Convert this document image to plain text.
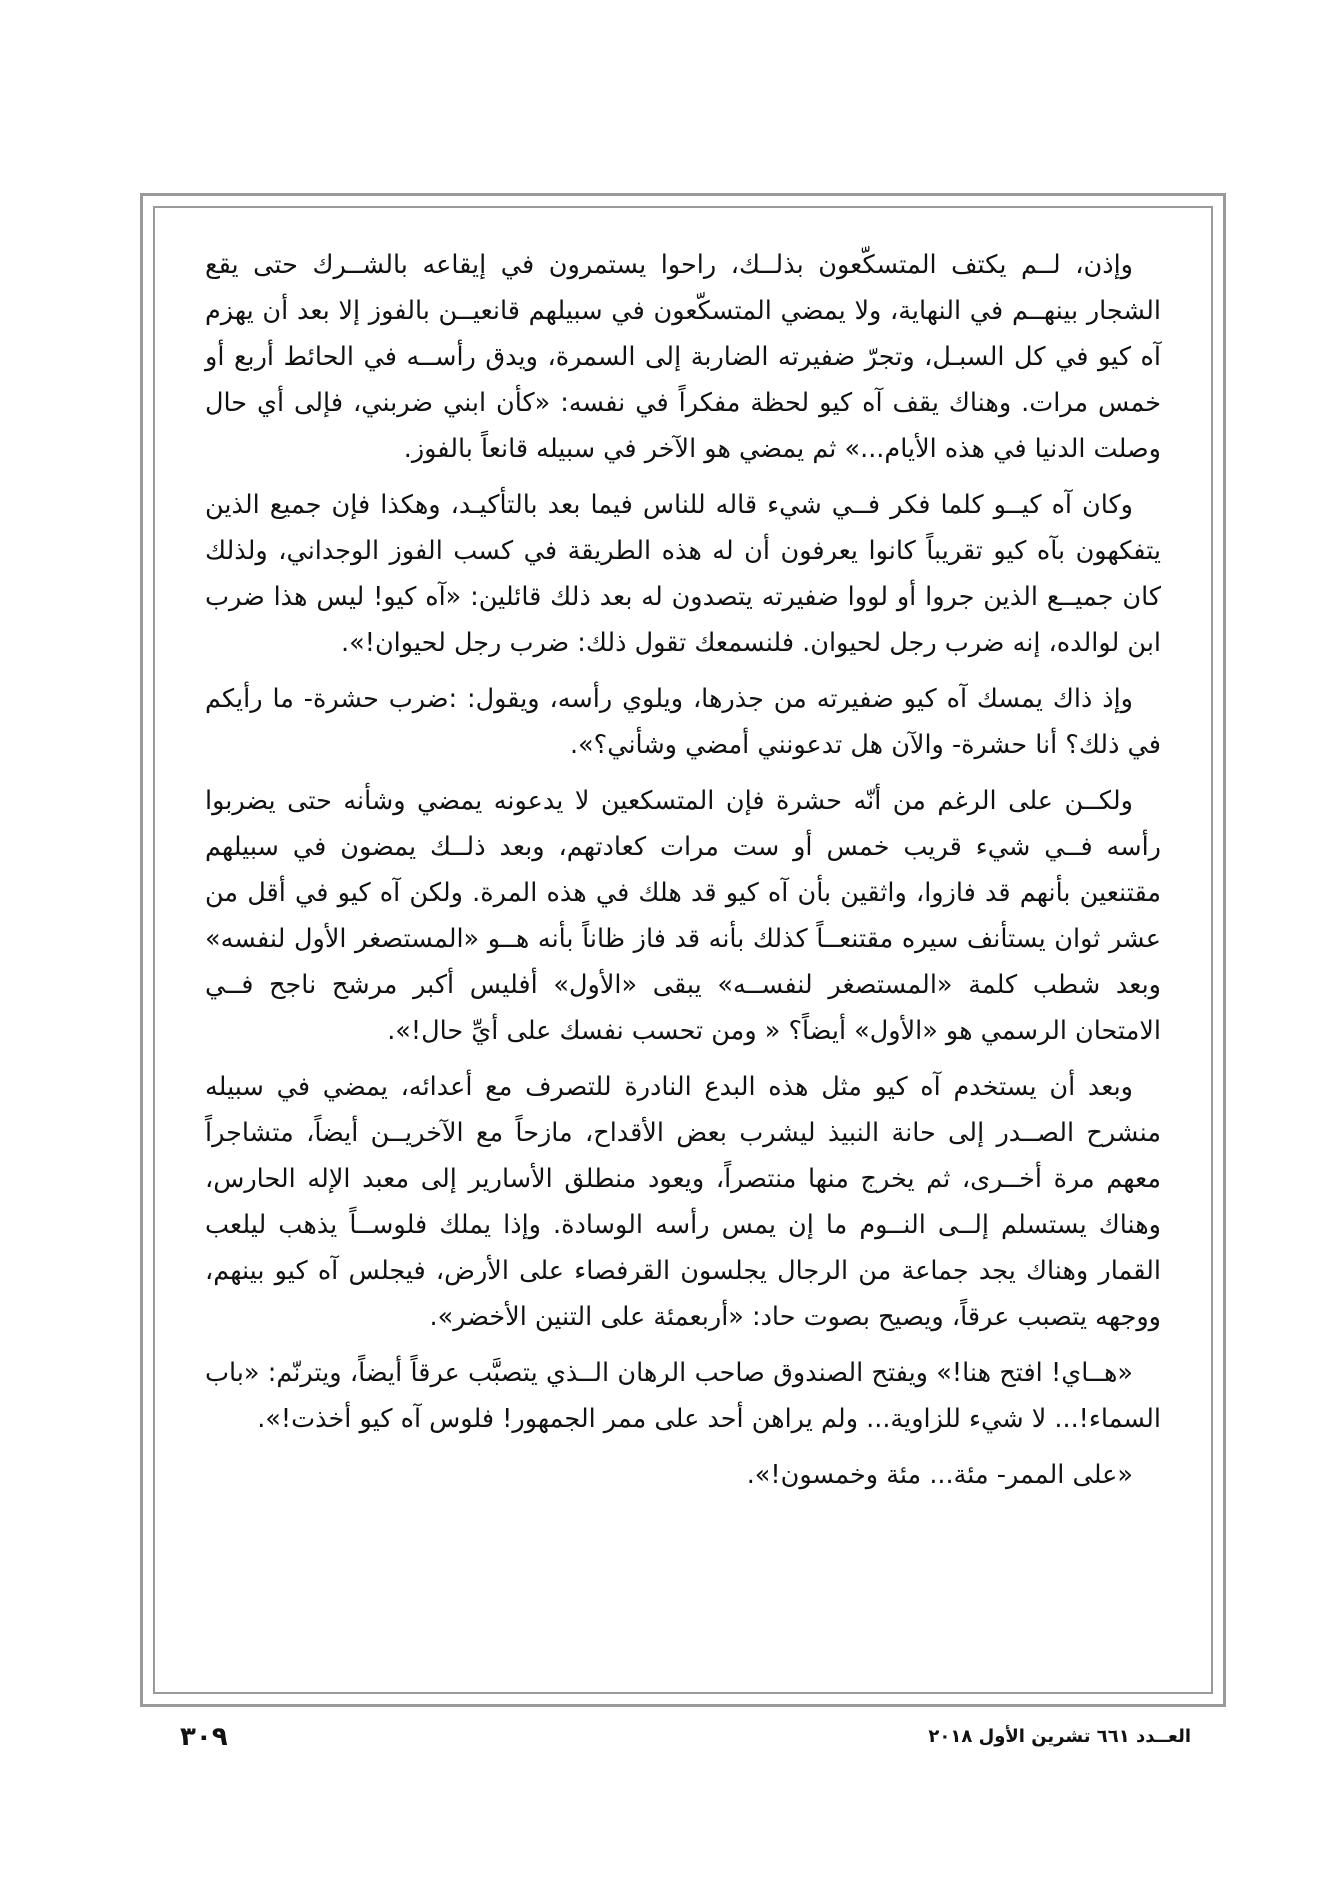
وإذن، لــم يكتف المتسكّعون بذلــك، راحوا يستمرون في إيقاعه بالشــرك حتى يقع الشجار بينهــم في النهاية، ولا يمضي المتسكّعون في سبيلهم قانعيــن بالفوز إلا بعد أن يهزم آه كيو في كل السبـل، وتجرّ ضفيرته الضاربة إلى السمرة، ويدق رأســه في الحائط أربع أو خمس مرات. وهناك يقف آه كيو لحظة مفكراً في نفسه: «كأن ابني ضربني، فإلى أي حال وصلت الدنيا في هذه الأيام...» ثم يمضي هو الآخر في سبيله قانعاً بالفوز.

وكان آه كيــو كلما فكر فــي شيء قاله للناس فيما بعد بالتأكيـد، وهكذا فإن جميع الذين يتفكهون بآه كيو تقريباً كانوا يعرفون أن له هذه الطريقة في كسب الفوز الوجداني، ولذلك كان جميــع الذين جروا أو لووا ضفيرته يتصدون له بعد ذلك قائلين: «آه كيو! ليس هذا ضرب ابن لوالده، إنه ضرب رجل لحيوان. فلنسمعك تقول ذلك: ضرب رجل لحيوان!».

وإذ ذاك يمسك آه كيو ضفيرته من جذرها، ويلوي رأسه، ويقول: :ضرب حشرة- ما رأيكم في ذلك؟ أنا حشرة- والآن هل تدعونني أمضي وشأني؟».

ولكــن على الرغم من أنّه حشرة فإن المتسكعين لا يدعونه يمضي وشأنه حتى يضربوا رأسه فــي شيء قريب خمس أو ست مرات كعادتهم، وبعد ذلــك يمضون في سبيلهم مقتنعين بأنهم قد فازوا، واثقين بأن آه كيو قد هلك في هذه المرة. ولكن آه كيو في أقل من عشر ثوان يستأنف سيره مقتنعــاً كذلك بأنه قد فاز ظاناً بأنه هــو «المستصغر الأول لنفسه» وبعد شطب كلمة «المستصغر لنفســه» يبقى «الأول» أفليس أكبر مرشح ناجح فــي الامتحان الرسمي هو «الأول» أيضاً؟ « ومن تحسب نفسك على أيِّ حال!».

وبعد أن يستخدم آه كيو مثل هذه البدع النادرة للتصرف مع أعدائه، يمضي في سبيله منشرح الصــدر إلى حانة النبيذ ليشرب بعض الأقداح، مازحاً مع الآخريــن أيضاً، متشاجراً معهم مرة أخــرى، ثم يخرج منها منتصراً، ويعود منطلق الأسارير إلى معبد الإله الحارس، وهناك يستسلم إلــى النــوم ما إن يمس رأسه الوسادة. وإذا يملك فلوســاً يذهب ليلعب القمار وهناك يجد جماعة من الرجال يجلسون القرفصاء على الأرض، فيجلس آه كيو بينهم، ووجهه يتصبب عرقاً، ويصيح بصوت حاد: «أربعمئة على التنين الأخضر».

«هــاي! افتح هنا!» ويفتح الصندوق صاحب الرهان الــذي يتصبَّب عرقاً أيضاً، ويترنّم: «باب السماء!... لا شيء للزاوية... ولم يراهن أحد على ممر الجمهور! فلوس آه كيو أخذت!».

«على الممر- مئة... مئة وخمسون!».

٣٠٩	العــدد ٦٦١ تشرين الأول ٢٠١٨
